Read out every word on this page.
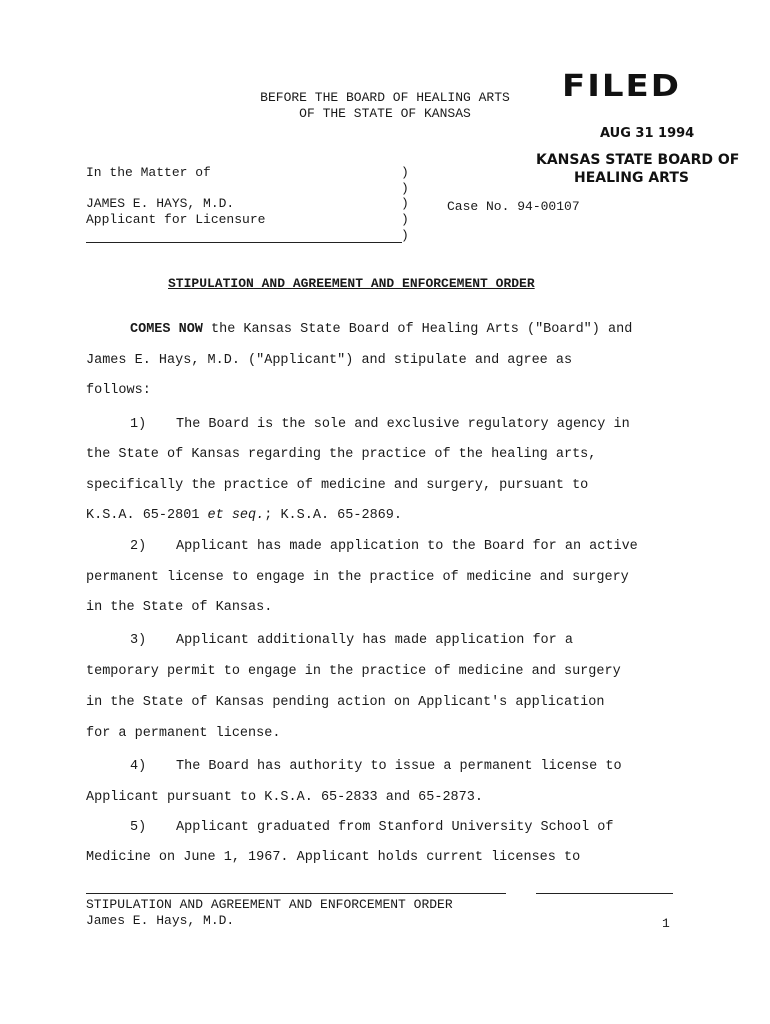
BEFORE THE BOARD OF HEALING ARTS
OF THE STATE OF KANSAS
FILED
AUG 31 1994
KANSAS STATE BOARD OF
HEALING ARTS
In the Matter of
JAMES E. HAYS, M.D.
Applicant for Licensure
)
)
)
)
)
Case No. 94-00107
STIPULATION AND AGREEMENT AND ENFORCEMENT ORDER
COMES NOW the Kansas State Board of Healing Arts ("Board") and
James E. Hays, M.D. ("Applicant") and stipulate and agree as
follows:
1) The Board is the sole and exclusive regulatory agency in
the State of Kansas regarding the practice of the healing arts,
specifically the practice of medicine and surgery, pursuant to
K.S.A. 65-2801 et seq.; K.S.A. 65-2869.
2) Applicant has made application to the Board for an active
permanent license to engage in the practice of medicine and surgery
in the State of Kansas.
3) Applicant additionally has made application for a
temporary permit to engage in the practice of medicine and surgery
in the State of Kansas pending action on Applicant's application
for a permanent license.
4) The Board has authority to issue a permanent license to
Applicant pursuant to K.S.A. 65-2833 and 65-2873.
5) Applicant graduated from Stanford University School of
Medicine on June 1, 1967. Applicant holds current licenses to
STIPULATION AND AGREEMENT AND ENFORCEMENT ORDER
James E. Hays, M.D.	1
